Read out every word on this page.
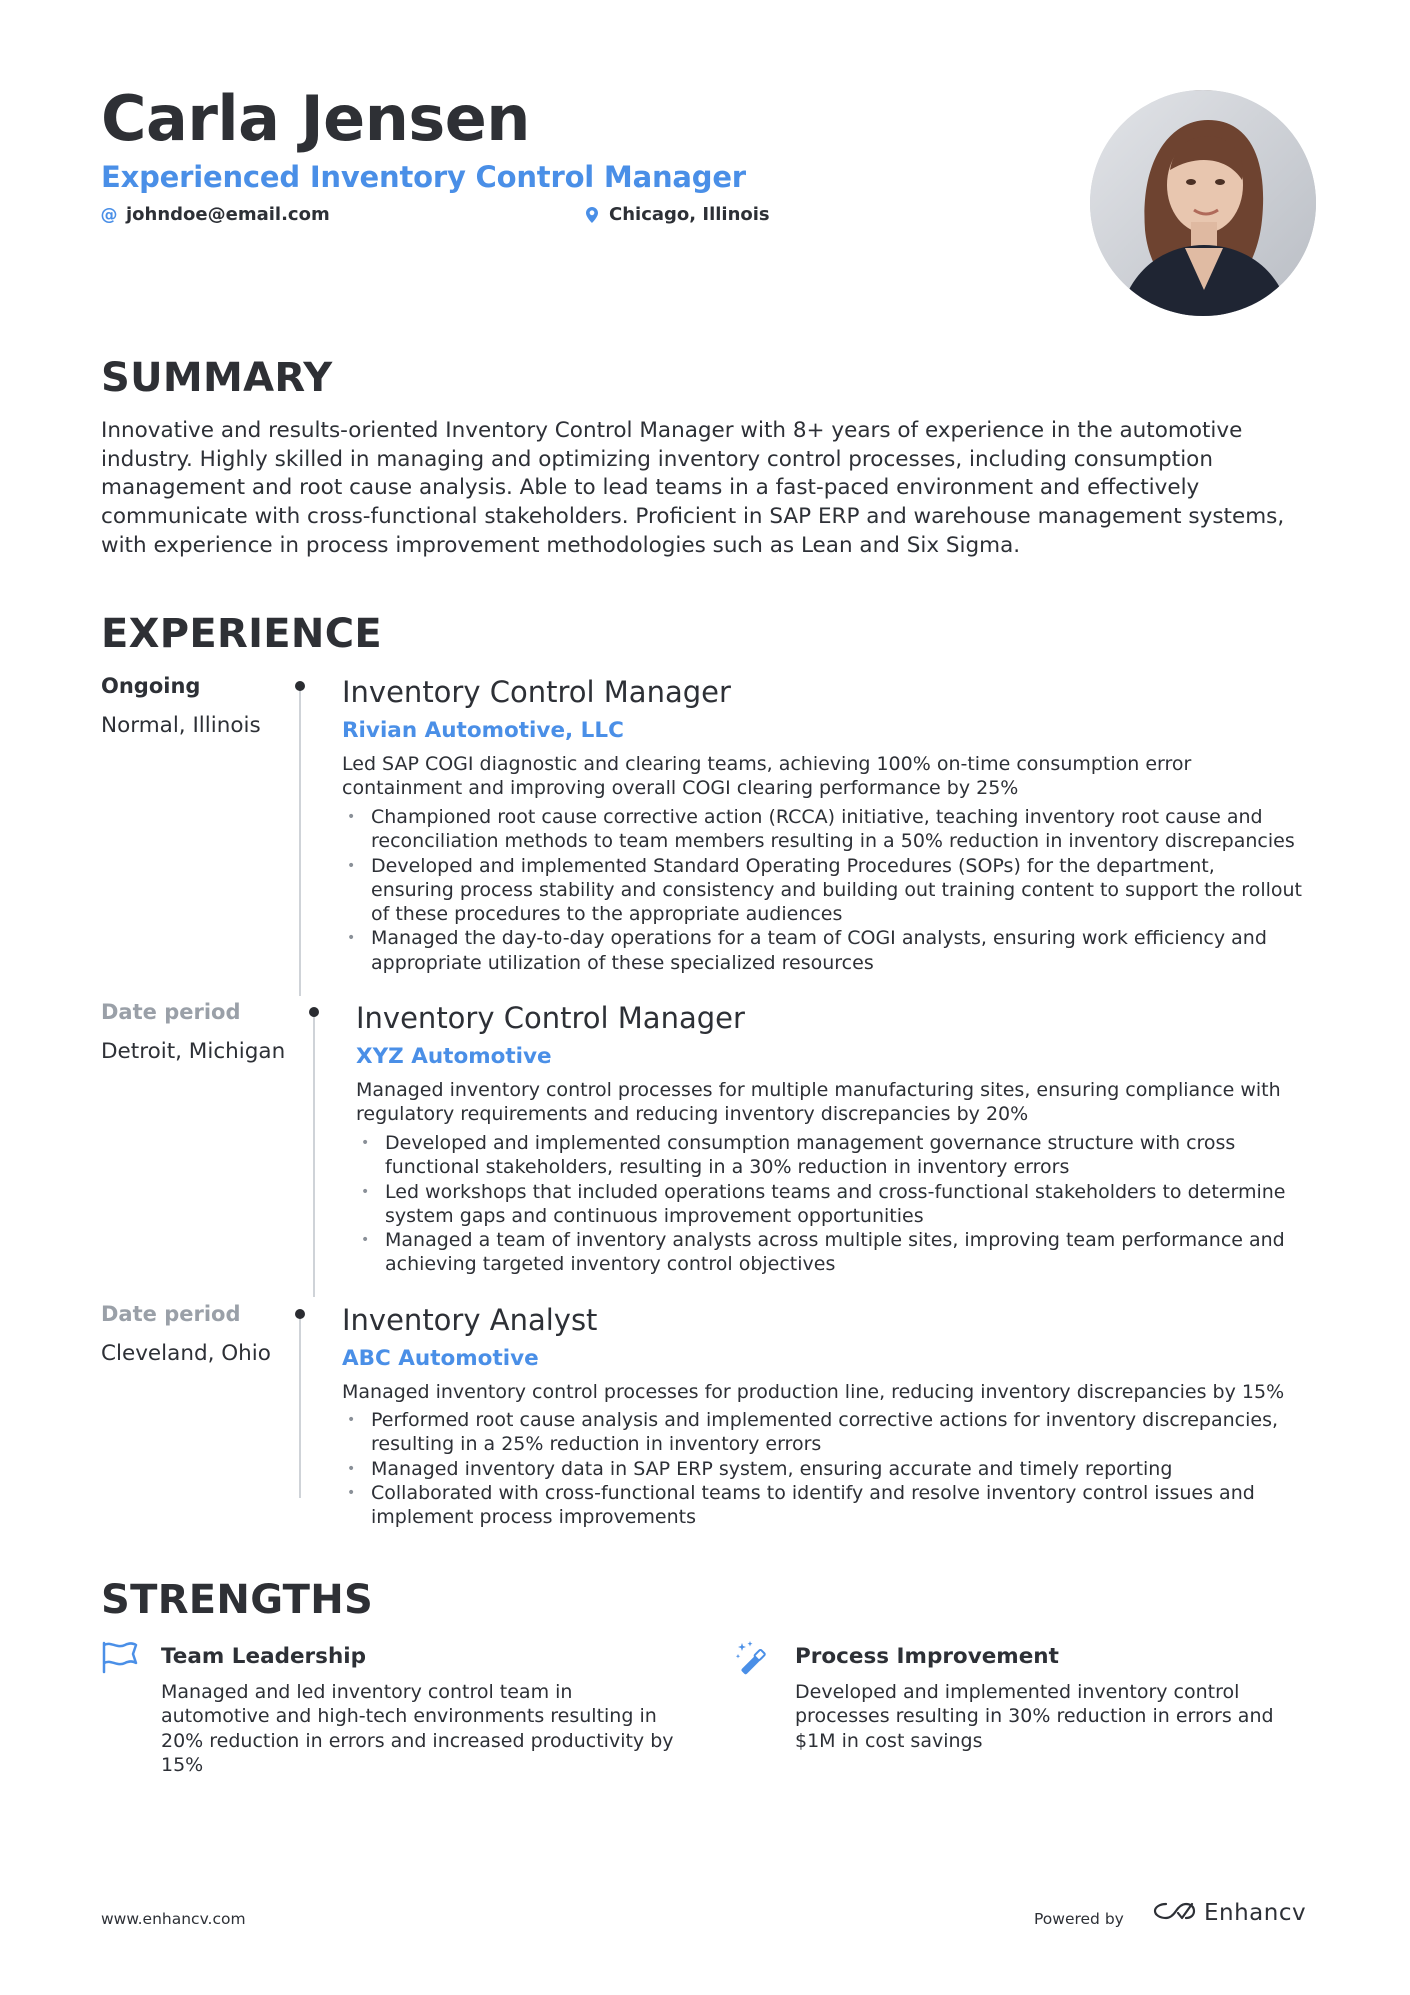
Carla Jensen
Experienced Inventory Control Manager
@ johndoe@email.com	Chicago, Illinois
SUMMARY
Innovative and results-oriented Inventory Control Manager with 8+ years of experience in the automotive industry. Highly skilled in managing and optimizing inventory control processes, including consumption management and root cause analysis. Able to lead teams in a fast-paced environment and effectively communicate with cross-functional stakeholders. Proficient in SAP ERP and warehouse management systems, with experience in process improvement methodologies such as Lean and Six Sigma.
EXPERIENCE
Ongoing
Normal, Illinois
Inventory Control Manager
Rivian Automotive, LLC
Led SAP COGI diagnostic and clearing teams, achieving 100% on-time consumption error containment and improving overall COGI clearing performance by 25%
• Championed root cause corrective action (RCCA) initiative, teaching inventory root cause and reconciliation methods to team members resulting in a 50% reduction in inventory discrepancies
• Developed and implemented Standard Operating Procedures (SOPs) for the department, ensuring process stability and consistency and building out training content to support the rollout of these procedures to the appropriate audiences
• Managed the day-to-day operations for a team of COGI analysts, ensuring work efficiency and appropriate utilization of these specialized resources
Date period
Detroit, Michigan
Inventory Control Manager
XYZ Automotive
Managed inventory control processes for multiple manufacturing sites, ensuring compliance with regulatory requirements and reducing inventory discrepancies by 20%
• Developed and implemented consumption management governance structure with cross functional stakeholders, resulting in a 30% reduction in inventory errors
• Led workshops that included operations teams and cross-functional stakeholders to determine system gaps and continuous improvement opportunities
• Managed a team of inventory analysts across multiple sites, improving team performance and achieving targeted inventory control objectives
Date period
Cleveland, Ohio
Inventory Analyst
ABC Automotive
Managed inventory control processes for production line, reducing inventory discrepancies by 15%
• Performed root cause analysis and implemented corrective actions for inventory discrepancies, resulting in a 25% reduction in inventory errors
• Managed inventory data in SAP ERP system, ensuring accurate and timely reporting
• Collaborated with cross-functional teams to identify and resolve inventory control issues and implement process improvements
STRENGTHS
Team Leadership
Managed and led inventory control team in automotive and high-tech environments resulting in 20% reduction in errors and increased productivity by 15%
Process Improvement
Developed and implemented inventory control processes resulting in 30% reduction in errors and $1M in cost savings
www.enhancv.com	Powered by	Enhancv
